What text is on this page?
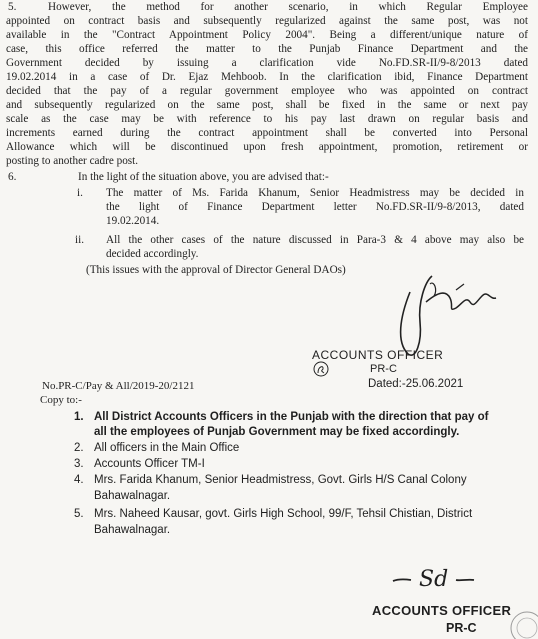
5.	However, the method for another scenario, in which Regular Employee
appointed on contract basis and subsequently regularized against the same post, was not
available in the "Contract Appointment Policy 2004". Being a different/unique nature of
case, this office referred the matter to the Punjab Finance Department and the
Government decided by issuing a clarification vide No.FD.SR-II/9-8/2013 dated
19.02.2014 in a case of Dr. Ejaz Mehboob. In the clarification ibid, Finance Department
decided that the pay of a regular government employee who was appointed on contract
and subsequently regularized on the same post, shall be fixed in the same or next pay
scale as the case may be with reference to his pay last drawn on regular basis and
increments earned during the contract appointment shall be converted into Personal
Allowance which will be discontinued upon fresh appointment, promotion, retirement or
posting to another cadre post.
6.	In the light of the situation above, you are advised that:-
i. The matter of Ms. Farida Khanum, Senior Headmistress may be decided in
the light of Finance Department letter No.FD.SR-II/9-8/2013, dated
19.02.2014.
ii. All the other cases of the nature discussed in Para-3 & 4 above may also be
decided accordingly.
(This issues with the approval of Director General DAOs)
ACCOUNTS OFFICER
PR-C
No.PR-C/Pay & All/2019-20/2121	Dated:-25.06.2021
Copy to:-
1. All District Accounts Officers in the Punjab with the direction that pay of
all the employees of Punjab Government may be fixed accordingly.
2. All officers in the Main Office
3. Accounts Officer TM-I
4. Mrs. Farida Khanum, Senior Headmistress, Govt. Girls H/S Canal Colony
Bahawalnagar.
5. Mrs. Naheed Kausar, govt. Girls High School, 99/F, Tehsil Chistian, District
Bahawalnagar.
Sd
ACCOUNTS OFFICER
PR-C
